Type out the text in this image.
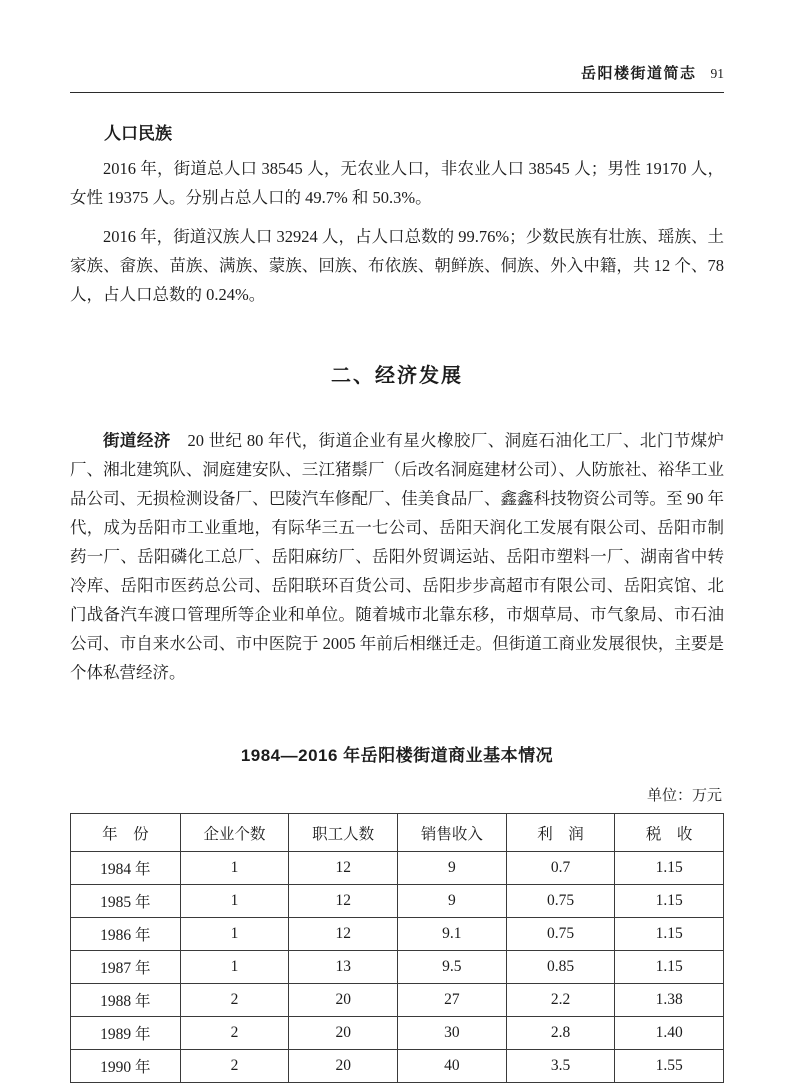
岳阳楼街道简志 91
人口民族

2016 年，街道总人口 38545 人，无农业人口，非农业人口 38545 人；男性 19170 人，女性 19375 人。分别占总人口的 49.7% 和 50.3%。

2016 年，街道汉族人口 32924 人，占人口总数的 99.76%；少数民族有壮族、瑶族、土家族、畲族、苗族、满族、蒙族、回族、布依族、朝鲜族、侗族、外入中籍，共 12 个、78 人，占人口总数的 0.24%。

二、经济发展

街道经济　20 世纪 80 年代，街道企业有星火橡胶厂、洞庭石油化工厂、北门节煤炉厂、湘北建筑队、洞庭建安队、三江猪鬃厂（后改名洞庭建材公司）、人防旅社、裕华工业品公司、无损检测设备厂、巴陵汽车修配厂、佳美食品厂、鑫鑫科技物资公司等。至 90 年代，成为岳阳市工业重地，有际华三五一七公司、岳阳天润化工发展有限公司、岳阳市制药一厂、岳阳磷化工总厂、岳阳麻纺厂、岳阳外贸调运站、岳阳市塑料一厂、湖南省中转冷库、岳阳市医药总公司、岳阳联环百货公司、岳阳步步高超市有限公司、岳阳宾馆、北门战备汽车渡口管理所等企业和单位。随着城市北靠东移，市烟草局、市气象局、市石油公司、市自来水公司、市中医院于 2005 年前后相继迁走。但街道工商业发展很快，主要是个体私营经济。

1984—2016 年岳阳楼街道商业基本情况
单位：万元
年　份	企业个数	职工人数	销售收入	利　润	税　收
1984 年	1	12	9	0.7	1.15
1985 年	1	12	9	0.75	1.15
1986 年	1	12	9.1	0.75	1.15
1987 年	1	13	9.5	0.85	1.15
1988 年	2	20	27	2.2	1.38
1989 年	2	20	30	2.8	1.40
1990 年	2	20	40	3.5	1.55
